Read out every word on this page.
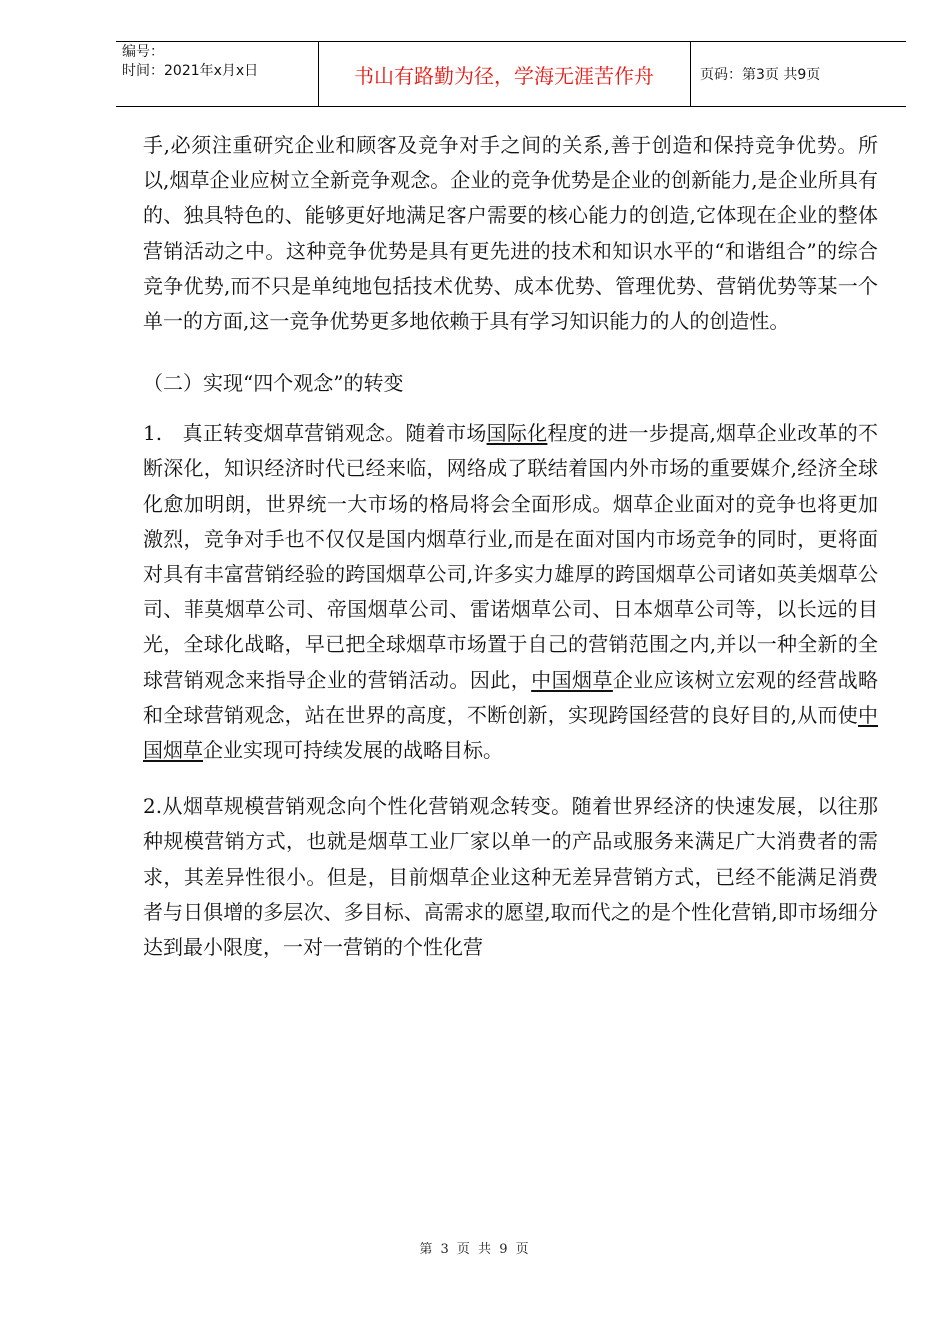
编号：
时间：2021年x月x日	书山有路勤为径，学海无涯苦作舟	页码：第3页 共9页

手,必须注重研究企业和顾客及竞争对手之间的关系,善于创造和保持竞争优势。所以,烟草企业应树立全新竞争观念。企业的竞争优势是企业的创新能力,是企业所具有的、独具特色的、能够更好地满足客户需要的核心能力的创造,它体现在企业的整体营销活动之中。这种竞争优势是具有更先进的技术和知识水平的“和谐组合”的综合竞争优势,而不只是单纯地包括技术优势、成本优势、管理优势、营销优势等某一个单一的方面,这一竞争优势更多地依赖于具有学习知识能力的人的创造性。

（二）实现“四个观念”的转变

1.　真正转变烟草营销观念。随着市场国际化程度的进一步提高,烟草企业改革的不断深化，知识经济时代已经来临，网络成了联结着国内外市场的重要媒介,经济全球化愈加明朗，世界统一大市场的格局将会全面形成。烟草企业面对的竞争也将更加激烈，竞争对手也不仅仅是国内烟草行业,而是在面对国内市场竞争的同时，更将面对具有丰富营销经验的跨国烟草公司,许多实力雄厚的跨国烟草公司诸如英美烟草公司、菲莫烟草公司、帝国烟草公司、雷诺烟草公司、日本烟草公司等，以长远的目光，全球化战略，早已把全球烟草市场置于自己的营销范围之内,并以一种全新的全球营销观念来指导企业的营销活动。因此，中国烟草企业应该树立宏观的经营战略和全球营销观念，站在世界的高度，不断创新，实现跨国经营的良好目的,从而使中国烟草企业实现可持续发展的战略目标。

2.从烟草规模营销观念向个性化营销观念转变。随着世界经济的快速发展，以往那种规模营销方式，也就是烟草工业厂家以单一的产品或服务来满足广大消费者的需求，其差异性很小。但是，目前烟草企业这种无差异营销方式，已经不能满足消费者与日俱增的多层次、多目标、高需求的愿望,取而代之的是个性化营销,即市场细分达到最小限度，一对一营销的个性化营

第 3 页 共 9 页
